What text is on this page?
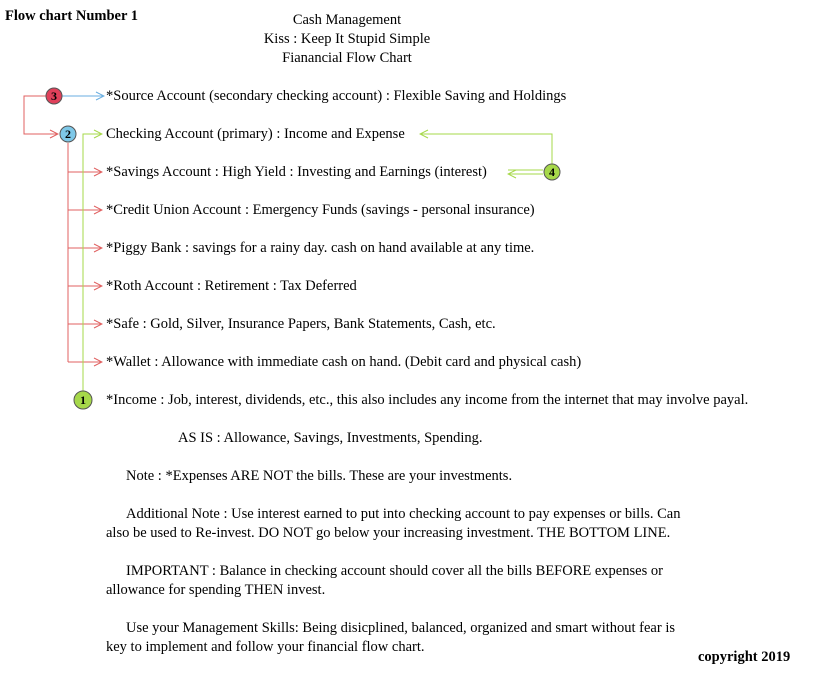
3
2
4
1
Flow chart Number 1	Cash Management
Kiss : Keep It Stupid Simple
Fianancial Flow Chart
*Source Account (secondary checking account) : Flexible Saving and Holdings
Checking Account (primary) : Income and Expense
*Savings Account : High Yield : Investing and Earnings (interest)
*Credit Union Account : Emergency Funds (savings - personal insurance)
*Piggy Bank : savings for a rainy day. cash on hand available at any time.
*Roth Account : Retirement : Tax Deferred
*Safe : Gold, Silver, Insurance Papers, Bank Statements, Cash, etc.
*Wallet : Allowance with immediate cash on hand. (Debit card and physical cash)
*Income : Job, interest, dividends, etc., this also includes any income from the internet that may involve payal.
AS IS : Allowance, Savings, Investments, Spending.
Note : *Expenses ARE NOT the bills. These are your investments.
Additional Note : Use interest earned to put into checking account to pay expenses or bills. Can
also be used to Re-invest. DO NOT go below your increasing investment. THE BOTTOM LINE.
IMPORTANT : Balance in checking account should cover all the bills BEFORE expenses or
allowance for spending THEN invest.
Use your Management Skills: Being disicplined, balanced, organized and smart without fear is
key to implement and follow your financial flow chart.
copyright 2019
